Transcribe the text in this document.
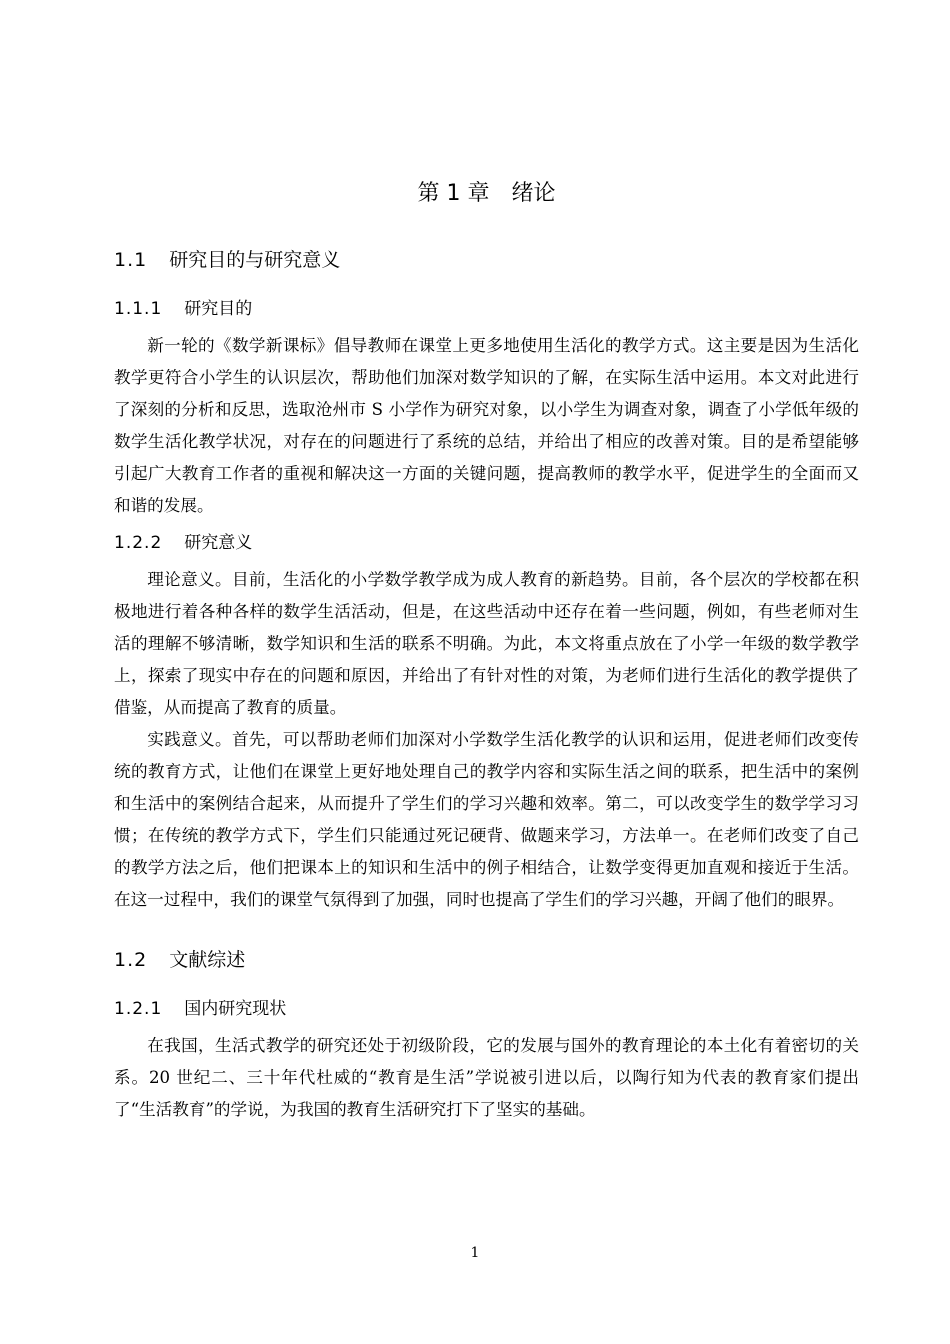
第 1 章　绪论
1.1 研究目的与研究意义
1.1.1 研究目的

新一轮的《数学新课标》倡导教师在课堂上更多地使用生活化的教学方式。这主要是因为生活化教学更符合小学生的认识层次，帮助他们加深对数学知识的了解，在实际生活中运用。本文对此进行了深刻的分析和反思，选取沧州市 S 小学作为研究对象，以小学生为调查对象，调查了小学低年级的数学生活化教学状况，对存在的问题进行了系统的总结，并给出了相应的改善对策。目的是希望能够引起广大教育工作者的重视和解决这一方面的关键问题，提高教师的教学水平，促进学生的全面而又和谐的发展。

1.2.2 研究意义

理论意义。目前，生活化的小学数学教学成为成人教育的新趋势。目前，各个层次的学校都在积极地进行着各种各样的数学生活活动，但是，在这些活动中还存在着一些问题，例如，有些老师对生活的理解不够清晰，数学知识和生活的联系不明确。为此，本文将重点放在了小学一年级的数学教学上，探索了现实中存在的问题和原因，并给出了有针对性的对策，为老师们进行生活化的教学提供了借鉴，从而提高了教育的质量。

实践意义。首先，可以帮助老师们加深对小学数学生活化教学的认识和运用，促进老师们改变传统的教育方式，让他们在课堂上更好地处理自己的教学内容和实际生活之间的联系，把生活中的案例和生活中的案例结合起来，从而提升了学生们的学习兴趣和效率。第二，可以改变学生的数学学习习惯；在传统的教学方式下，学生们只能通过死记硬背、做题来学习，方法单一。在老师们改变了自己的教学方法之后，他们把课本上的知识和生活中的例子相结合，让数学变得更加直观和接近于生活。在这一过程中，我们的课堂气氛得到了加强，同时也提高了学生们的学习兴趣，开阔了他们的眼界。

1.2 文献综述
1.2.1 国内研究现状

在我国，生活式教学的研究还处于初级阶段，它的发展与国外的教育理论的本土化有着密切的关系。20 世纪二、三十年代杜威的“教育是生活”学说被引进以后，以陶行知为代表的教育家们提出了“生活教育”的学说，为我国的教育生活研究打下了坚实的基础。

1
